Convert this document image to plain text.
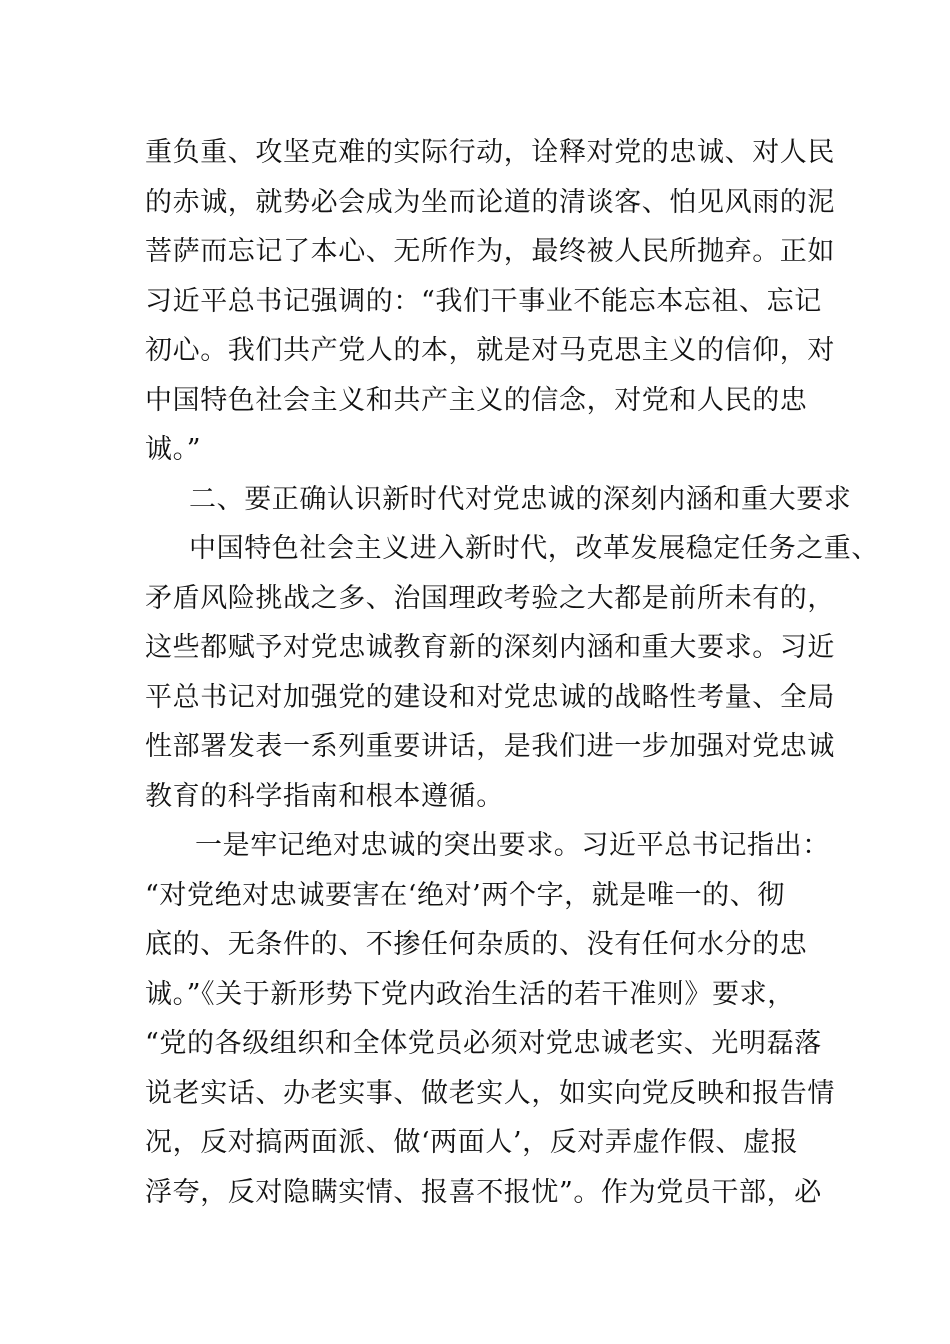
重负重、攻坚克难的实际行动，诠释对党的忠诚、对人民
的赤诚，就势必会成为坐而论道的清谈客、怕见风雨的泥
菩萨而忘记了本心、无所作为，最终被人民所抛弃。正如
习近平总书记强调的：“我们干事业不能忘本忘祖、忘记
初心。我们共产党人的本，就是对马克思主义的信仰，对
中国特色社会主义和共产主义的信念，对党和人民的忠
诚。”
二、要正确认识新时代对党忠诚的深刻内涵和重大要求
中国特色社会主义进入新时代，改革发展稳定任务之重、
矛盾风险挑战之多、治国理政考验之大都是前所未有的，
这些都赋予对党忠诚教育新的深刻内涵和重大要求。习近
平总书记对加强党的建设和对党忠诚的战略性考量、全局
性部署发表一系列重要讲话，是我们进一步加强对党忠诚
教育的科学指南和根本遵循。
一是牢记绝对忠诚的突出要求。习近平总书记指出：
“对党绝对忠诚要害在‘绝对’两个字，就是唯一的、彻
底的、无条件的、不掺任何杂质的、没有任何水分的忠
诚。”《关于新形势下党内政治生活的若干准则》要求，
“党的各级组织和全体党员必须对党忠诚老实、光明磊落
说老实话、办老实事、做老实人，如实向党反映和报告情
况，反对搞两面派、做‘两面人’，反对弄虚作假、虚报
浮夸，反对隐瞒实情、报喜不报忧”。作为党员干部，必
